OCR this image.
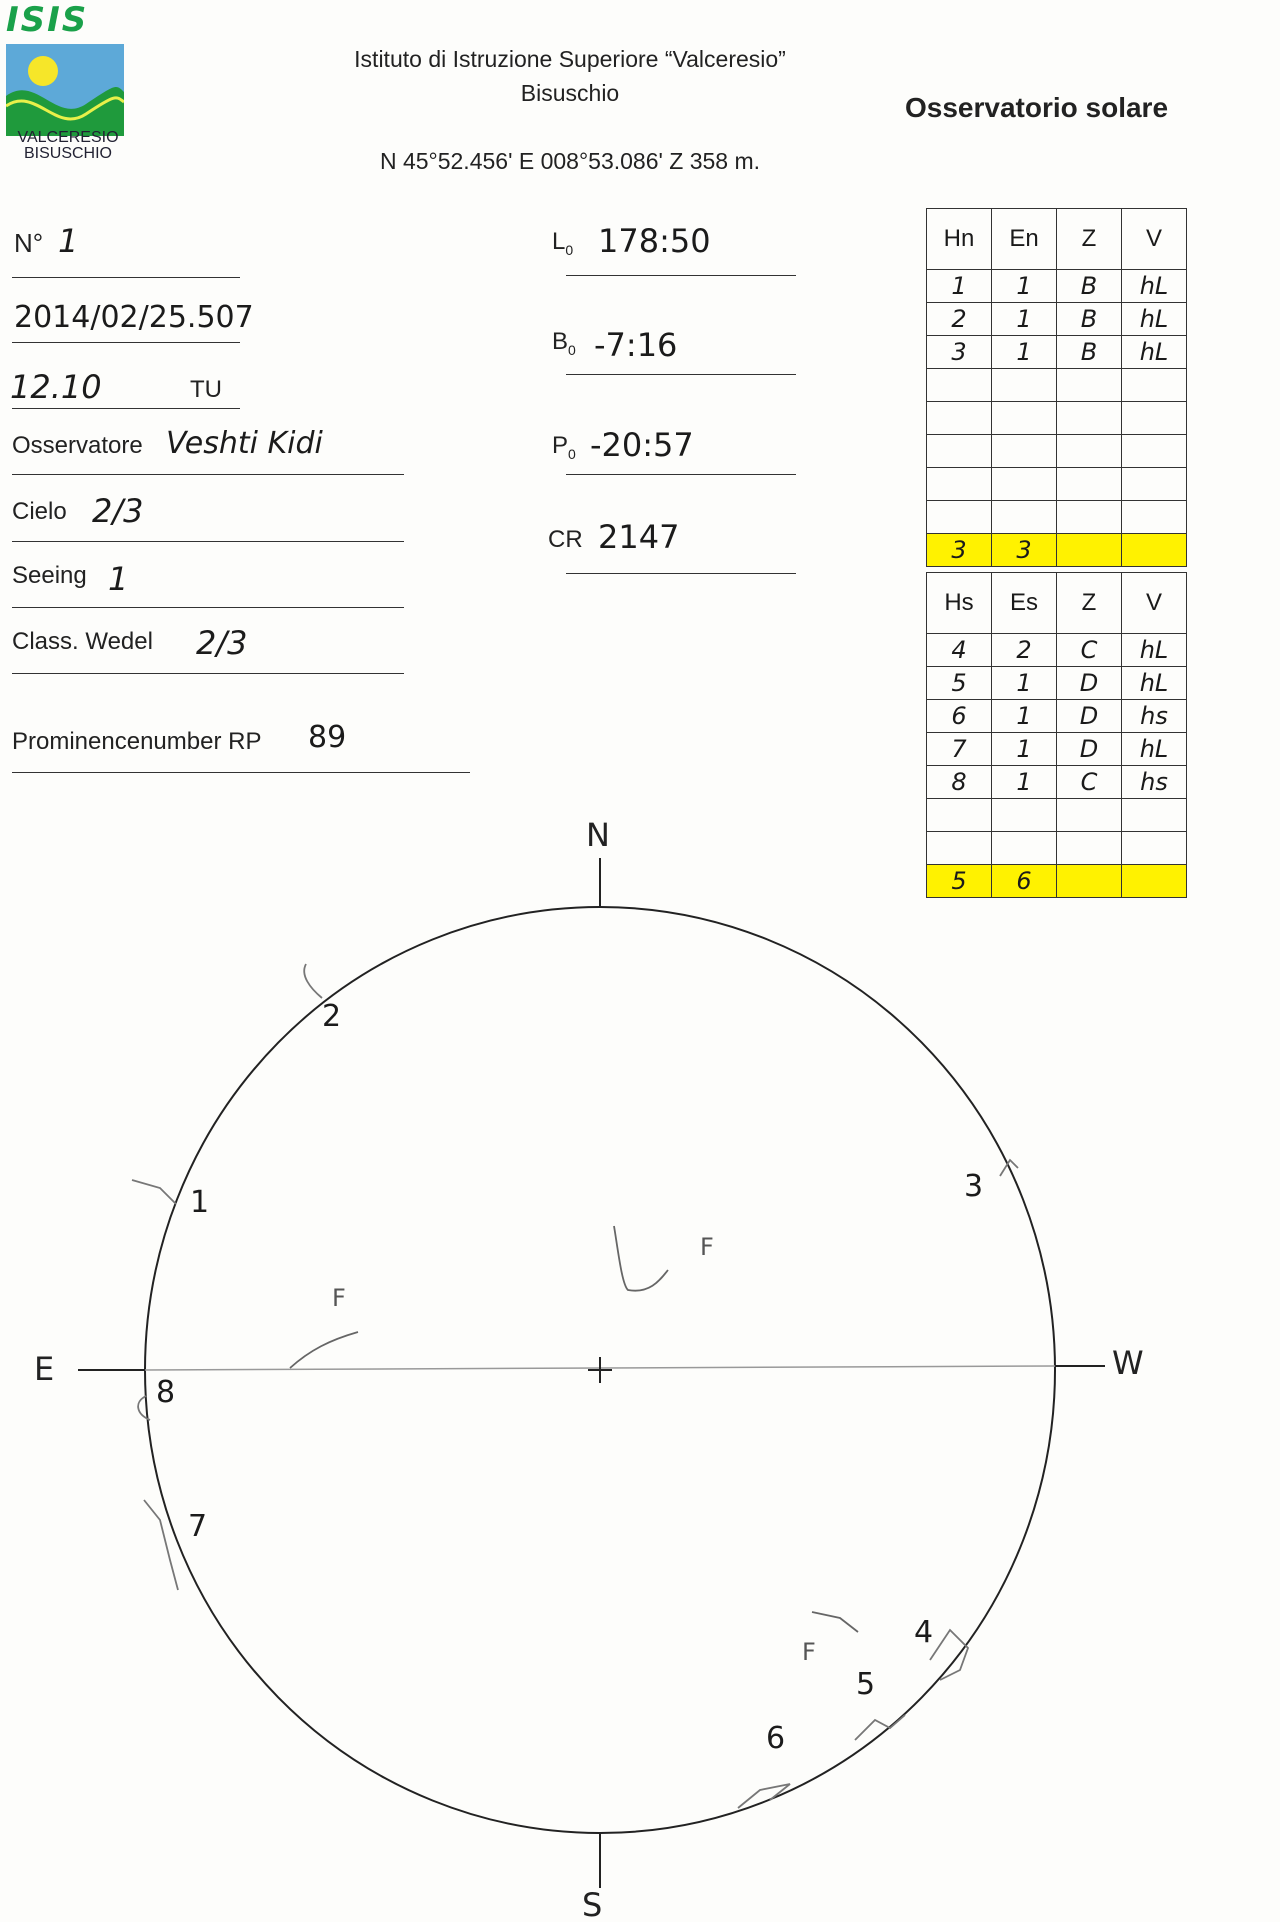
ISIS
VALCERESIO
BISUSCHIO
Istituto di Istruzione Superiore “Valceresio”
Bisuschio
N 45°52.456' E 008°53.086' Z 358 m.
Osservatorio solare
N° 1
2014/02/25.507
12.10	TU
Osservatore Veshti Kidi
Cielo 2/3
Seeing 1
Class. Wedel 2/3
Prominencenumber RP 89
$L_0$ 178:50
$B_0$ -7:16
$P_0$ -20:57
CR 2147
Hn	En	Z	V
1	1	B	hL
2	1	B	hL
3	1	B	hL

3	3		
Hs	Es	Z	V
4	2	C	hL
5	1	D	hL
6	1	D	hs
7	1	D	hL
8	1	C	hs

5	6		
N
S
E	W
1
2
3
4
5
6
7
8
F
F
F
